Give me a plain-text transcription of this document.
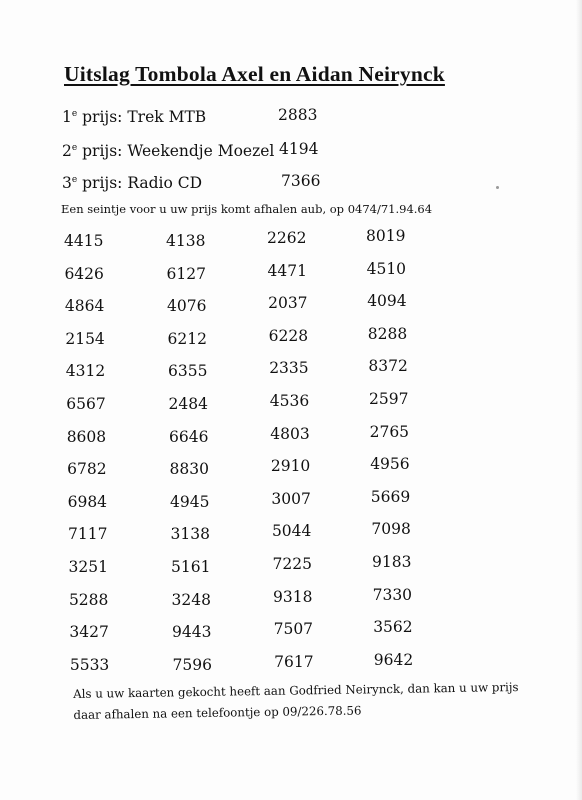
Uitslag Tombola Axel en Aidan Neirynck
1e prijs: Trek MTB	2883
2e prijs: Weekendje Moezel 4194
3e prijs: Radio CD	7366
Een seintje voor u uw prijs komt afhalen aub, op 0474/71.94.64
4415	4138	2262	8019
6426	6127	4471	4510
4864	4076	2037	4094
2154	6212	6228	8288
4312	6355	2335	8372
6567	2484	4536	2597
8608	6646	4803	2765
6782	8830	2910	4956
6984	4945	3007	5669
7117	3138	5044	7098
3251	5161	7225	9183
5288	3248	9318	7330
3427	9443	7507	3562
5533	7596	7617	9642
Als u uw kaarten gekocht heeft aan Godfried Neirynck, dan kan u uw prijs
daar afhalen na een telefoontje op 09/226.78.56
